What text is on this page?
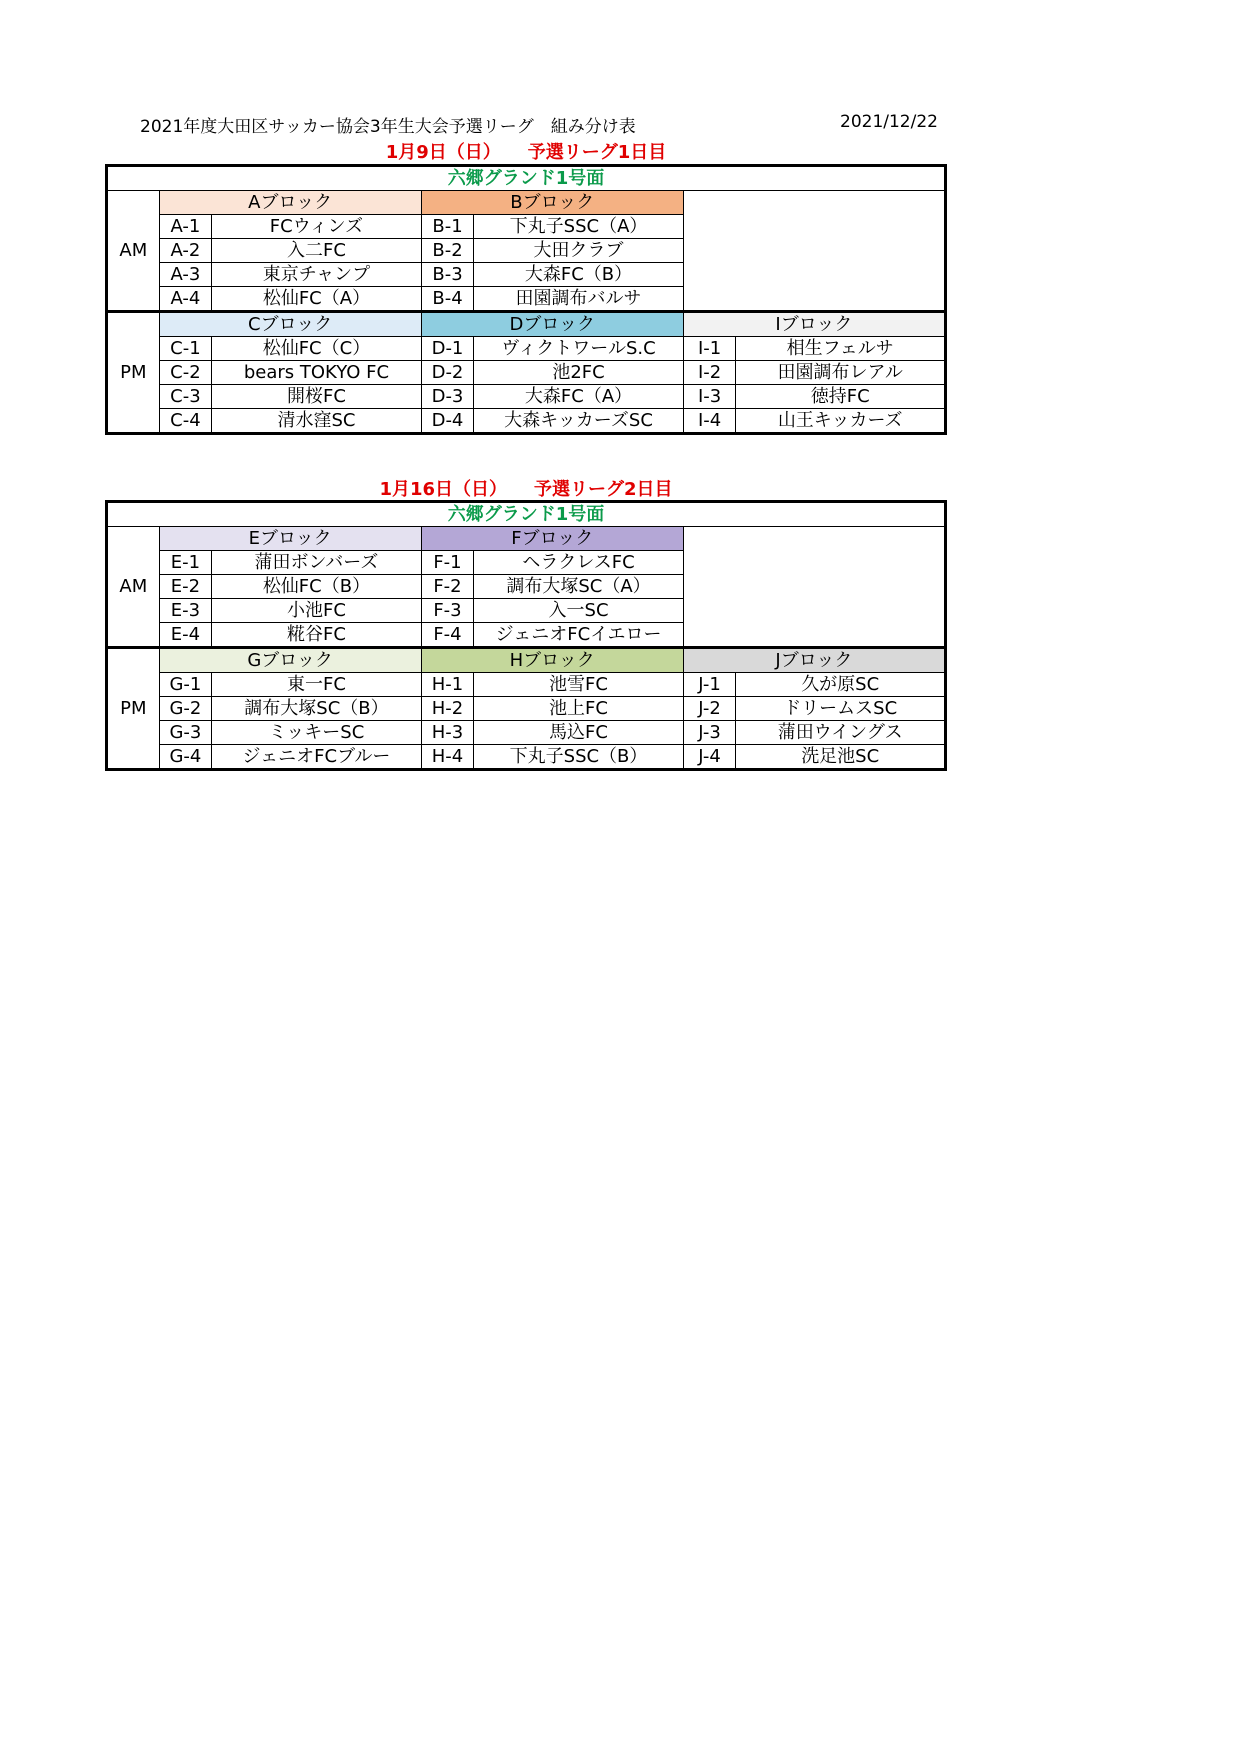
2021年度大田区サッカー協会3年生大会予選リーグ　組み分け表	2021/12/22
1月9日（日）　　予選リーグ1日目
六郷グランド1号面						
AM	Aブロック		Bブロック			
	A-1	FCウィンズ	B-1	下丸子SSC（A）		
	A-2	入二FC	B-2	大田クラブ		
	A-3	東京チャンプ	B-3	大森FC（B）		
	A-4	松仙FC（A）	B-4	田園調布バルサ		
PM	Cブロック		Dブロック		Iブロック	
	C-1	松仙FC（C）	D-1	ヴィクトワールS.C	I-1	相生フェルサ
	C-2	bears TOKYO FC	D-2	池2FC	I-2	田園調布レアル
	C-3	開桜FC	D-3	大森FC（A）	I-3	徳持FC
	C-4	清水窪SC	D-4	大森キッカーズSC	I-4	山王キッカーズ
1月16日（日）　　予選リーグ2日目
六郷グランド1号面						
AM	Eブロック		Fブロック			
	E-1	蒲田ボンバーズ	F-1	ヘラクレスFC		
	E-2	松仙FC（B）	F-2	調布大塚SC（A）		
	E-3	小池FC	F-3	入一SC		
	E-4	糀谷FC	F-4	ジェニオFCイエロー		
PM	Gブロック		Hブロック		Jブロック	
	G-1	東一FC	H-1	池雪FC	J-1	久が原SC
	G-2	調布大塚SC（B）	H-2	池上FC	J-2	ドリームスSC
	G-3	ミッキーSC	H-3	馬込FC	J-3	蒲田ウイングス
	G-4	ジェニオFCブルー	H-4	下丸子SSC（B）	J-4	洗足池SC
